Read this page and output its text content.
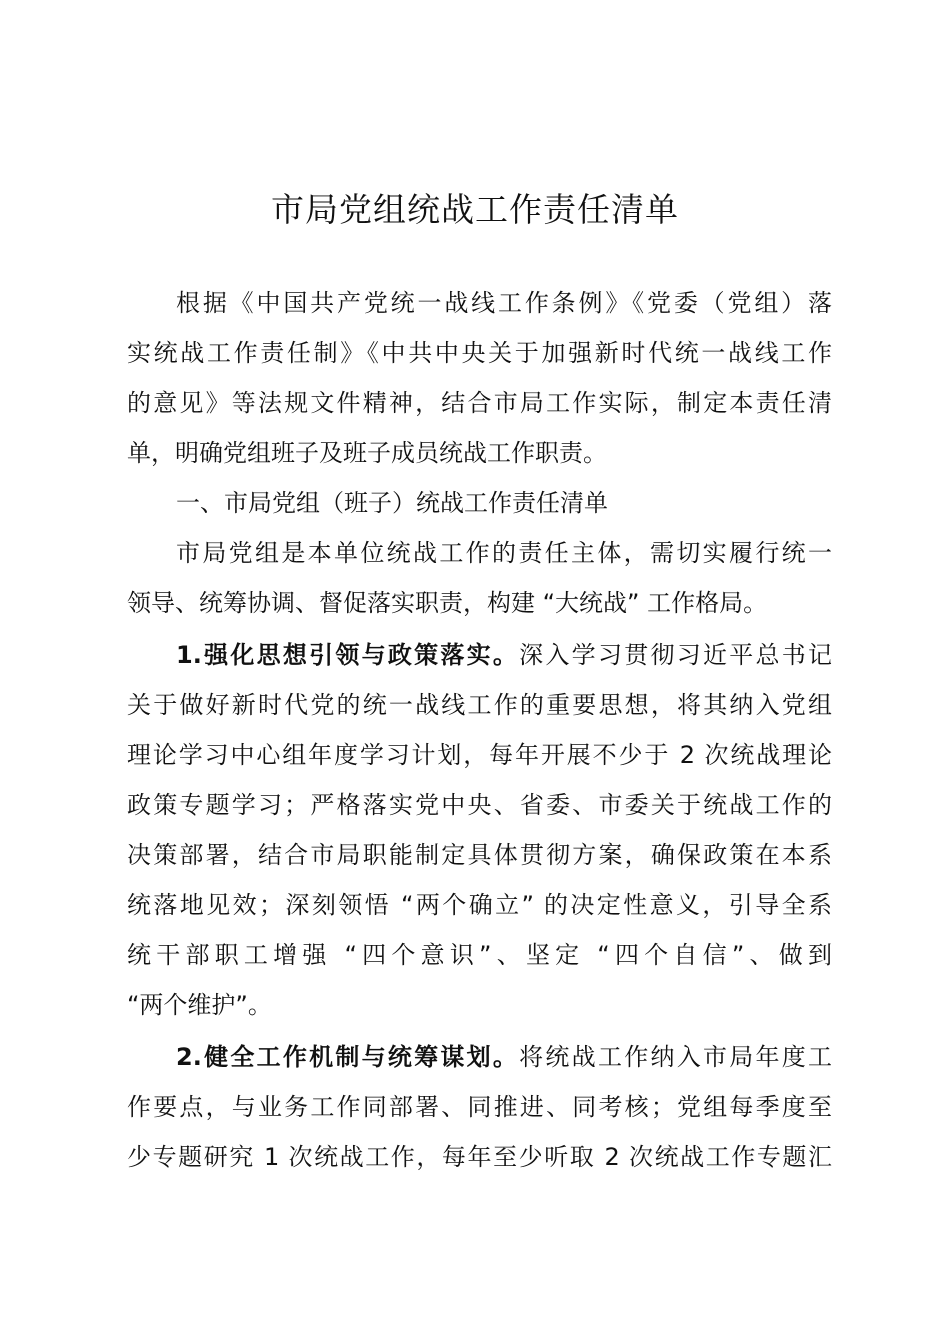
市局党组统战工作责任清单
根据《中国共产党统一战线工作条例》《党委（党组）落
实统战工作责任制》《中共中央关于加强新时代统一战线工作
的意见》等法规文件精神，结合市局工作实际，制定本责任清
单，明确党组班子及班子成员统战工作职责。
一、市局党组（班子）统战工作责任清单
市局党组是本单位统战工作的责任主体，需切实履行统一
领导、统筹协调、督促落实职责，构建 “大统战” 工作格局。
1.强化思想引领与政策落实。深入学习贯彻习近平总书记
关于做好新时代党的统一战线工作的重要思想，将其纳入党组
理论学习中心组年度学习计划，每年开展不少于 2 次统战理论
政策专题学习；严格落实党中央、省委、市委关于统战工作的
决策部署，结合市局职能制定具体贯彻方案，确保政策在本系
统落地见效；深刻领悟 “两个确立” 的决定性意义，引导全系
统干部职工增强 “四个意识”、坚定 “四个自信”、做到
“两个维护”。
2.健全工作机制与统筹谋划。将统战工作纳入市局年度工
作要点，与业务工作同部署、同推进、同考核；党组每季度至
少专题研究 1 次统战工作，每年至少听取 2 次统战工作专题汇
